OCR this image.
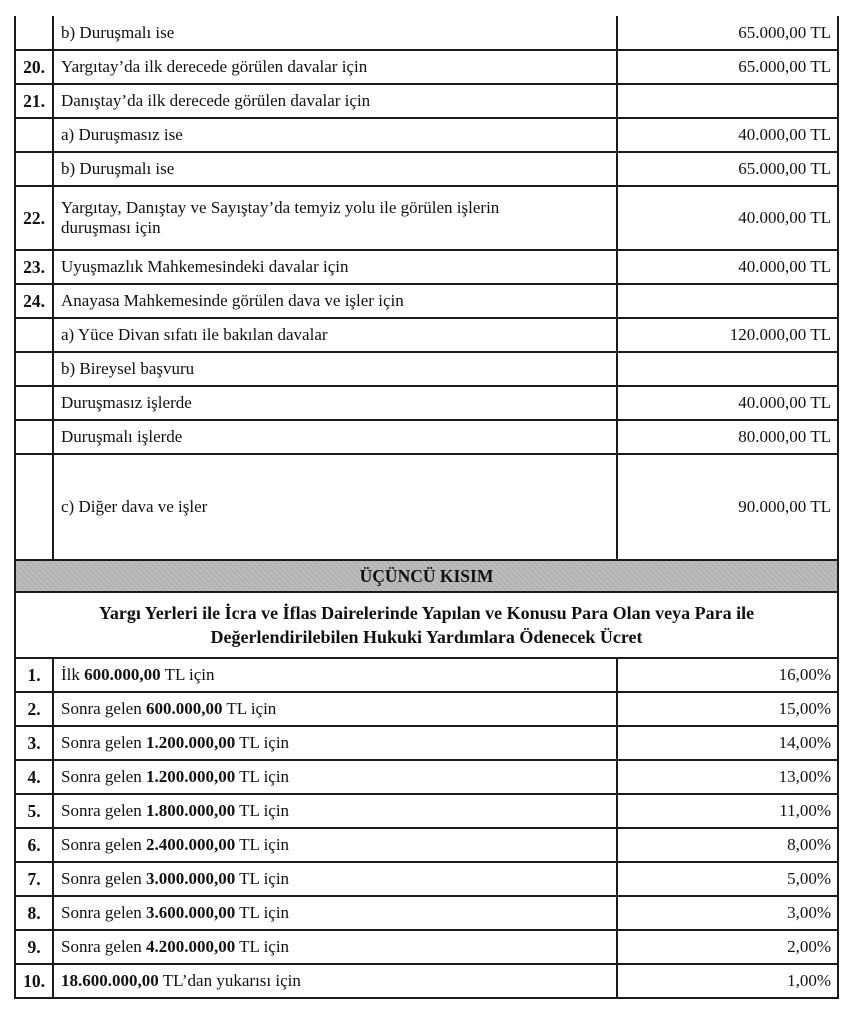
	b) Duruşmalı ise	65.000,00 TL
20.	Yargıtay’da ilk derecede görülen davalar için	65.000,00 TL
21.	Danıştay’da ilk derecede görülen davalar için	
	a) Duruşmasız ise	40.000,00 TL
	b) Duruşmalı ise	65.000,00 TL
22.	Yargıtay, Danıştay ve Sayıştay’da temyiz yolu ile görülen işlerin duruşması için	40.000,00 TL
23.	Uyuşmazlık Mahkemesindeki davalar için	40.000,00 TL
24.	Anayasa Mahkemesinde görülen dava ve işler için	
	a) Yüce Divan sıfatı ile bakılan davalar	120.000,00 TL
	b) Bireysel başvuru	
	Duruşmasız işlerde	40.000,00 TL
	Duruşmalı işlerde	80.000,00 TL
	c) Diğer dava ve işler	90.000,00 TL
ÜÇÜNCÜ KISIM		

Yargı Yerleri ile İcra ve İflas Dairelerinde Yapılan ve Konusu Para Olan veya Para ile
Değerlendirilebilen Hukuki Yardımlara Ödenecek Ücret		

1.	İlk 600.000,00 TL için	16,00%
2.	Sonra gelen 600.000,00 TL için	15,00%
3.	Sonra gelen 1.200.000,00 TL için	14,00%
4.	Sonra gelen 1.200.000,00 TL için	13,00%
5.	Sonra gelen 1.800.000,00 TL için	11,00%
6.	Sonra gelen 2.400.000,00 TL için	8,00%
7.	Sonra gelen 3.000.000,00 TL için	5,00%
8.	Sonra gelen 3.600.000,00 TL için	3,00%
9.	Sonra gelen 4.200.000,00 TL için	2,00%
10.	18.600.000,00 TL’dan yukarısı için	1,00%
